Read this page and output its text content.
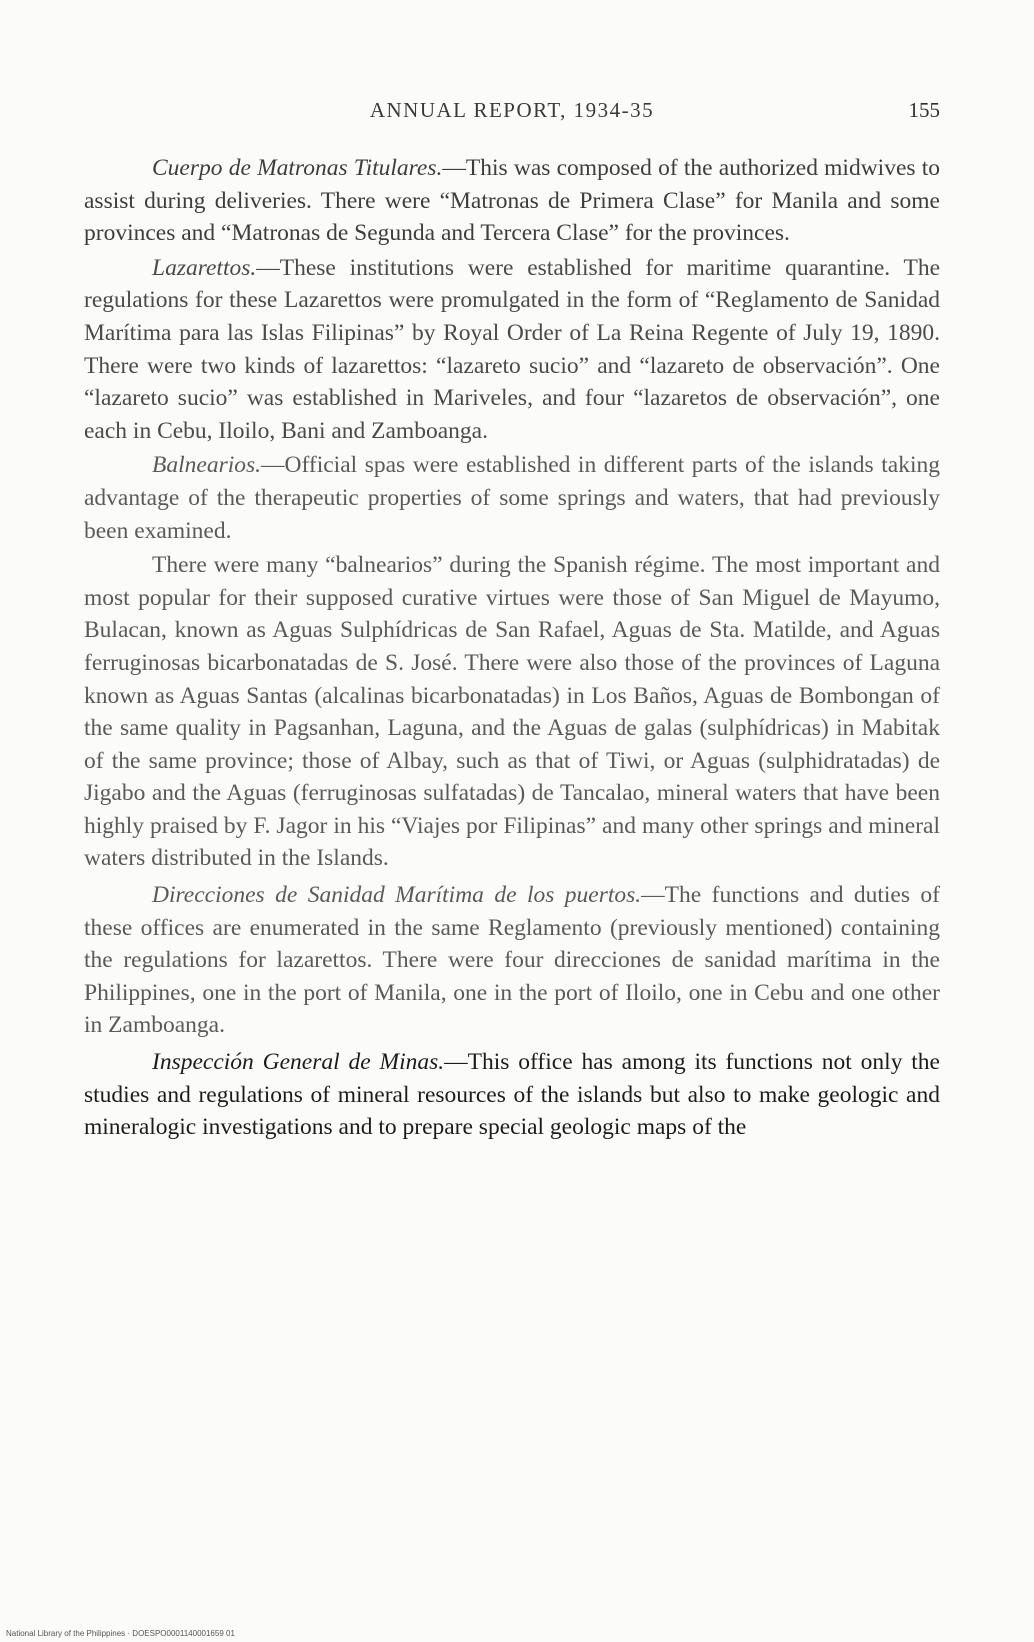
ANNUAL REPORT, 1934-35	155

Cuerpo de Matronas Titulares.—This was composed of the authorized midwives to assist during deliveries. There were “Matronas de Primera Clase” for Manila and some provinces and “Matronas de Segunda and Tercera Clase” for the provinces.

Lazarettos.—These institutions were established for maritime quarantine. The regulations for these Lazarettos were promulgated in the form of “Reglamento de Sanidad Marítima para las Islas Filipinas” by Royal Order of La Reina Regente of July 19, 1890. There were two kinds of lazarettos: “lazareto sucio” and “lazareto de observación”. One “lazareto sucio” was established in Mariveles, and four “lazaretos de observación”, one each in Cebu, Iloilo, Bani and Zamboanga.

Balnearios.—Official spas were established in different parts of the islands taking advantage of the therapeutic properties of some springs and waters, that had previously been examined.

There were many “balnearios” during the Spanish régime. The most important and most popular for their supposed curative virtues were those of San Miguel de Mayumo, Bulacan, known as Aguas Sulphídricas de San Rafael, Aguas de Sta. Matilde, and Aguas ferruginosas bicarbonatadas de S. José. There were also those of the provinces of Laguna known as Aguas Santas (alcalinas bicarbonatadas) in Los Baños, Aguas de Bombongan of the same quality in Pagsanhan, Laguna, and the Aguas de galas (sulphídricas) in Mabitak of the same province; those of Albay, such as that of Tiwi, or Aguas (sulphidratadas) de Jigabo and the Aguas (ferruginosas sulfatadas) de Tancalao, mineral waters that have been highly praised by F. Jagor in his “Viajes por Filipinas” and many other springs and mineral waters distributed in the Islands.

Direcciones de Sanidad Marítima de los puertos.—The functions and duties of these offices are enumerated in the same Reglamento (previously mentioned) containing the regulations for lazarettos. There were four direcciones de sanidad marítima in the Philippines, one in the port of Manila, one in the port of Iloilo, one in Cebu and one other in Zamboanga.

Inspección General de Minas.—This office has among its functions not only the studies and regulations of mineral resources of the islands but also to make geologic and mineralogic investigations and to prepare special geologic maps of the

National Library of the Philippines · DOESPO0001140001659 01
